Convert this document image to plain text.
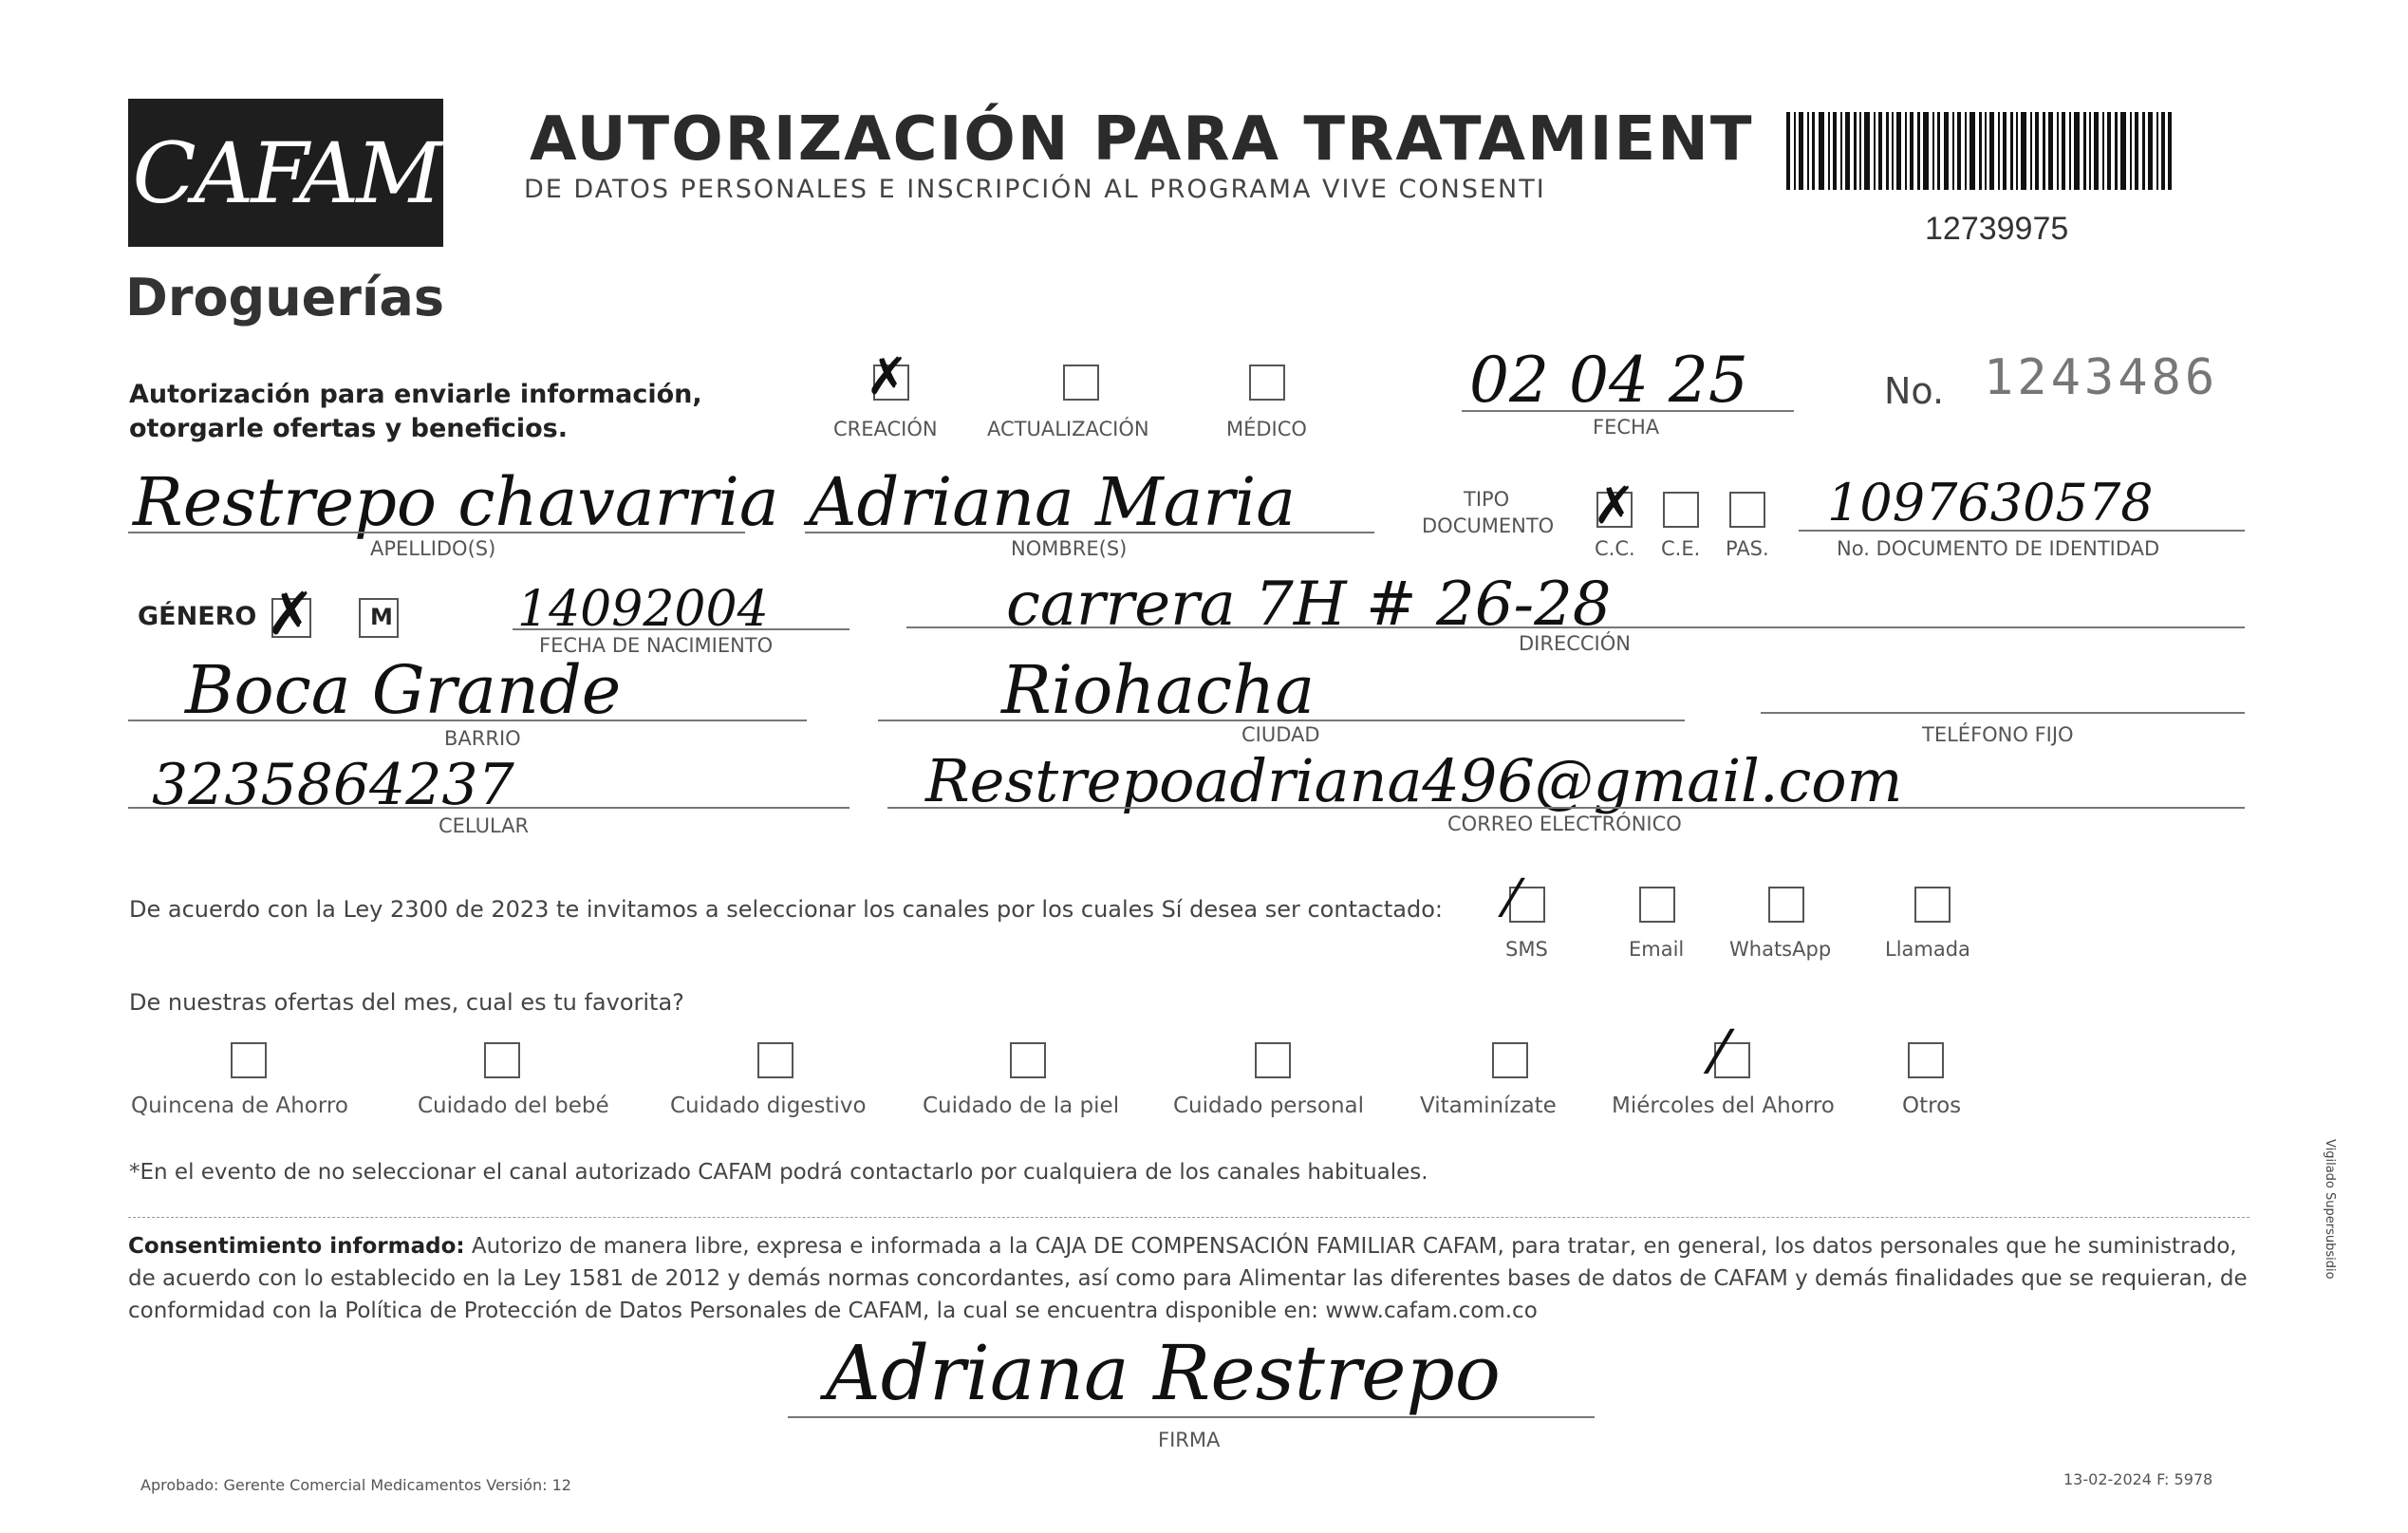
CAFAM
Droguerías
AUTORIZACIÓN PARA TRATAMIENT
DE DATOS PERSONALES E INSCRIPCIÓN AL PROGRAMA VIVE CONSENTI
12739975
Autorización para enviarle información,
otorgarle ofertas y beneficios.
✗
CREACIÓN ACTUALIZACIÓN	MÉDICO
02 04 25
FECHA
No. 1243486
Restrepo chavarria
APELLIDO(S)
Adriana Maria
NOMBRE(S)
TIPO
DOCUMENTO ✗
C.C. C.E. PAS.
1097630578
No. DOCUMENTO DE IDENTIDAD
GÉNERO ✗ M	14092004
FECHA DE NACIMIENTO
carrera 7H # 26-28
DIRECCIÓN
Boca Grande
BARRIO
Riohacha
CIUDAD	TELÉFONO FIJO
3235864237
CELULAR
Restrepoadriana496@gmail.com
CORREO ELECTRÓNICO
De acuerdo con la Ley 2300 de 2023 te invitamos a seleccionar los canales por los cuales Sí desea ser contactado: ⁄
SMS	Email WhatsApp	Llamada
De nuestras ofertas del mes, cual es tu favorita?
Quincena de Ahorro	Cuidado del bebé	Cuidado digestivo	Cuidado de la piel Cuidado personal	Vitaminízate
⁄
Miércoles del Ahorro	Otros
*En el evento de no seleccionar el canal autorizado CAFAM podrá contactarlo por cualquiera de los canales habituales.
Consentimiento informado: Autorizo de manera libre, expresa e informada a la CAJA DE COMPENSACIÓN FAMILIAR CAFAM, para tratar, en general, los datos personales que he suministrado, de acuerdo con lo establecido en la Ley 1581 de 2012 y demás normas concordantes, así como para Alimentar las diferentes bases de datos de CAFAM y demás finalidades que se requieran, de conformidad con la Política de Protección de Datos Personales de CAFAM, la cual se encuentra disponible en: www.cafam.com.co
Adriana Restrepo
FIRMA
Aprobado: Gerente Comercial Medicamentos Versión: 12	13-02-2024 F: 5978
Vigilado Supersubsidio
